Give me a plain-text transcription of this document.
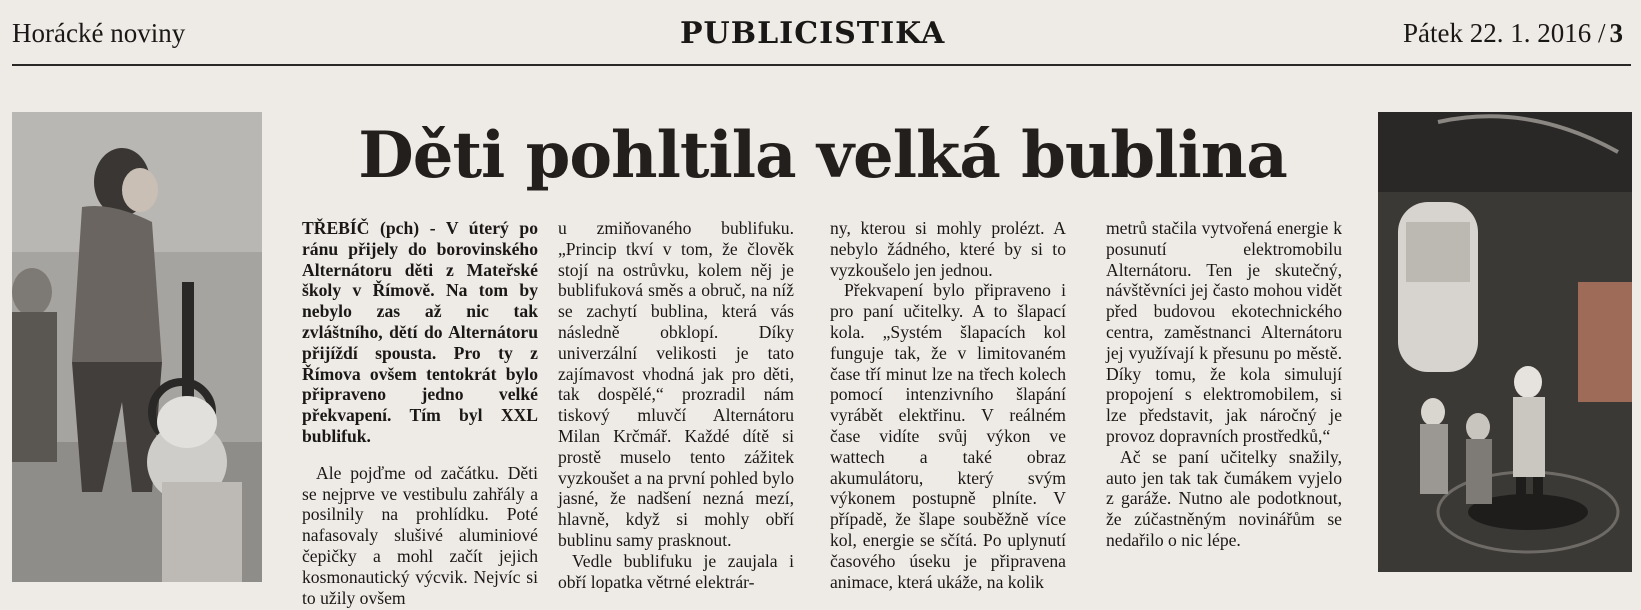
Horácké noviny	PUBLICISTIKA	Pátek 22. 1. 2016 / 3
Děti pohltila velká bublina

TŘEBÍČ (pch) - V úterý po ránu přijely do borovinského Alternátoru děti z Mateřské školy v Římově. Na tom by nebylo zas až nic tak zvláštního, dětí do Alternátoru přijíždí spousta. Pro ty z Římova ovšem tentokrát bylo připraveno jedno velké překvapení. Tím byl XXL bublifuk.

Ale pojďme od začátku. Děti se nejprve ve vestibulu zahřály a posilnily na prohlídku. Poté nafasovaly slušivé aluminiové čepičky a mohl začít jejich kosmonautický výcvik. Nejvíc si to užily ovšem

u zmiňovaného bublifuku. „Princip tkví v tom, že člověk stojí na ostrůvku, kolem něj je bublifuková směs a obruč, na níž se zachytí bublina, která vás následně obklopí. Díky univerzální velikosti je tato zajímavost vhodná jak pro děti, tak dospělé,“ prozradil nám tiskový mluvčí Alternátoru Milan Krčmář. Každé dítě si prostě muselo tento zážitek vyzkoušet a na první pohled bylo jasné, že nadšení nezná mezí, hlavně, když si mohly obří bublinu samy prasknout.

Vedle bublifuku je zaujala i obří lopatka větrné elektrár-

ny, kterou si mohly prolézt. A nebylo žádného, které by si to vyzkoušelo jen jednou.

Překvapení bylo připraveno i pro paní učitelky. A to šlapací kola. „Systém šlapacích kol funguje tak, že v limitovaném čase tří minut lze na třech kolech pomocí intenzivního šlapání vyrábět elektřinu. V reálném čase vidíte svůj výkon ve wattech a také obraz akumulátoru, který svým výkonem postupně plníte. V případě, že šlape souběžně více kol, energie se sčítá. Po uplynutí časového úseku je připravena animace, která ukáže, na kolik

metrů stačila vytvořená energie k posunutí elektromobilu Alternátoru. Ten je skutečný, návštěvníci jej často mohou vidět před budovou ekotechnického centra, zaměstnanci Alternátoru jej využívají k přesunu po městě. Díky tomu, že kola simulují propojení s elektromobilem, si lze představit, jak náročný je provoz dopravních prostředků,“

Ač se paní učitelky snažily, auto jen tak tak čumákem vyjelo z garáže. Nutno ale podotknout, že zúčastněným novinářům se nedařilo o nic lépe.
